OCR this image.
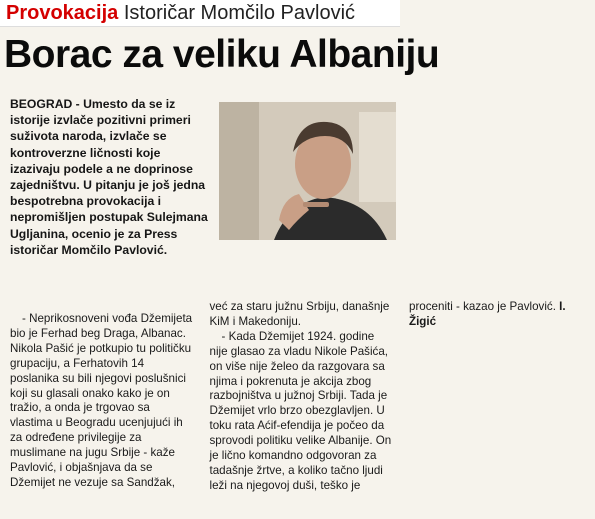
Provokacija Istoričar Momčilo Pavlović
Borac za veliku Albaniju
BEOGRAD - Umesto da se iz istorije izvlače pozitivni primeri suživota naroda, izvlače se kontroverzne ličnosti koje izazivaju podele a ne doprinose zajedništvu. U pitanju je još jedna bespotrebna provokacija i nepromišljen postupak Sulejmana Ugljanina, ocenio je za Press istoričar Momčilo Pavlović.

- Neprikosnoveni vođa Džemijeta bio je Ferhad beg Draga, Albanac. Nikola Pašić je potkupio tu političku grupaciju, a Ferhatovih 14 poslanika su bili njegovi poslušnici koji su glasali onako kako je on tražio, a onda je trgovao sa vlastima u Beogradu ucenjujući ih za određene privilegije za muslimane na jugu Srbije - kaže Pavlović, i objašnjava da se Džemijet ne vezuje sa Sandžak, već za staru južnu Srbiju, današnje KiM i Makedoniju.

- Kada Džemijet 1924. godine nije glasao za vladu Nikole Pašića, on više nije želeo da razgovara sa njima i pokrenuta je akcija zbog razbojništva u južnoj Srbiji. Tada je Džemijet vrlo brzo obezglavljen. U toku rata Aćif-efendija je počeo da sprovodi politiku velike Albanije. On je lično komandno odgovoran za tadašnje žrtve, a koliko tačno ljudi leži na njegovoj duši, teško je proceniti - kazao je Pavlović. I. Žigić
